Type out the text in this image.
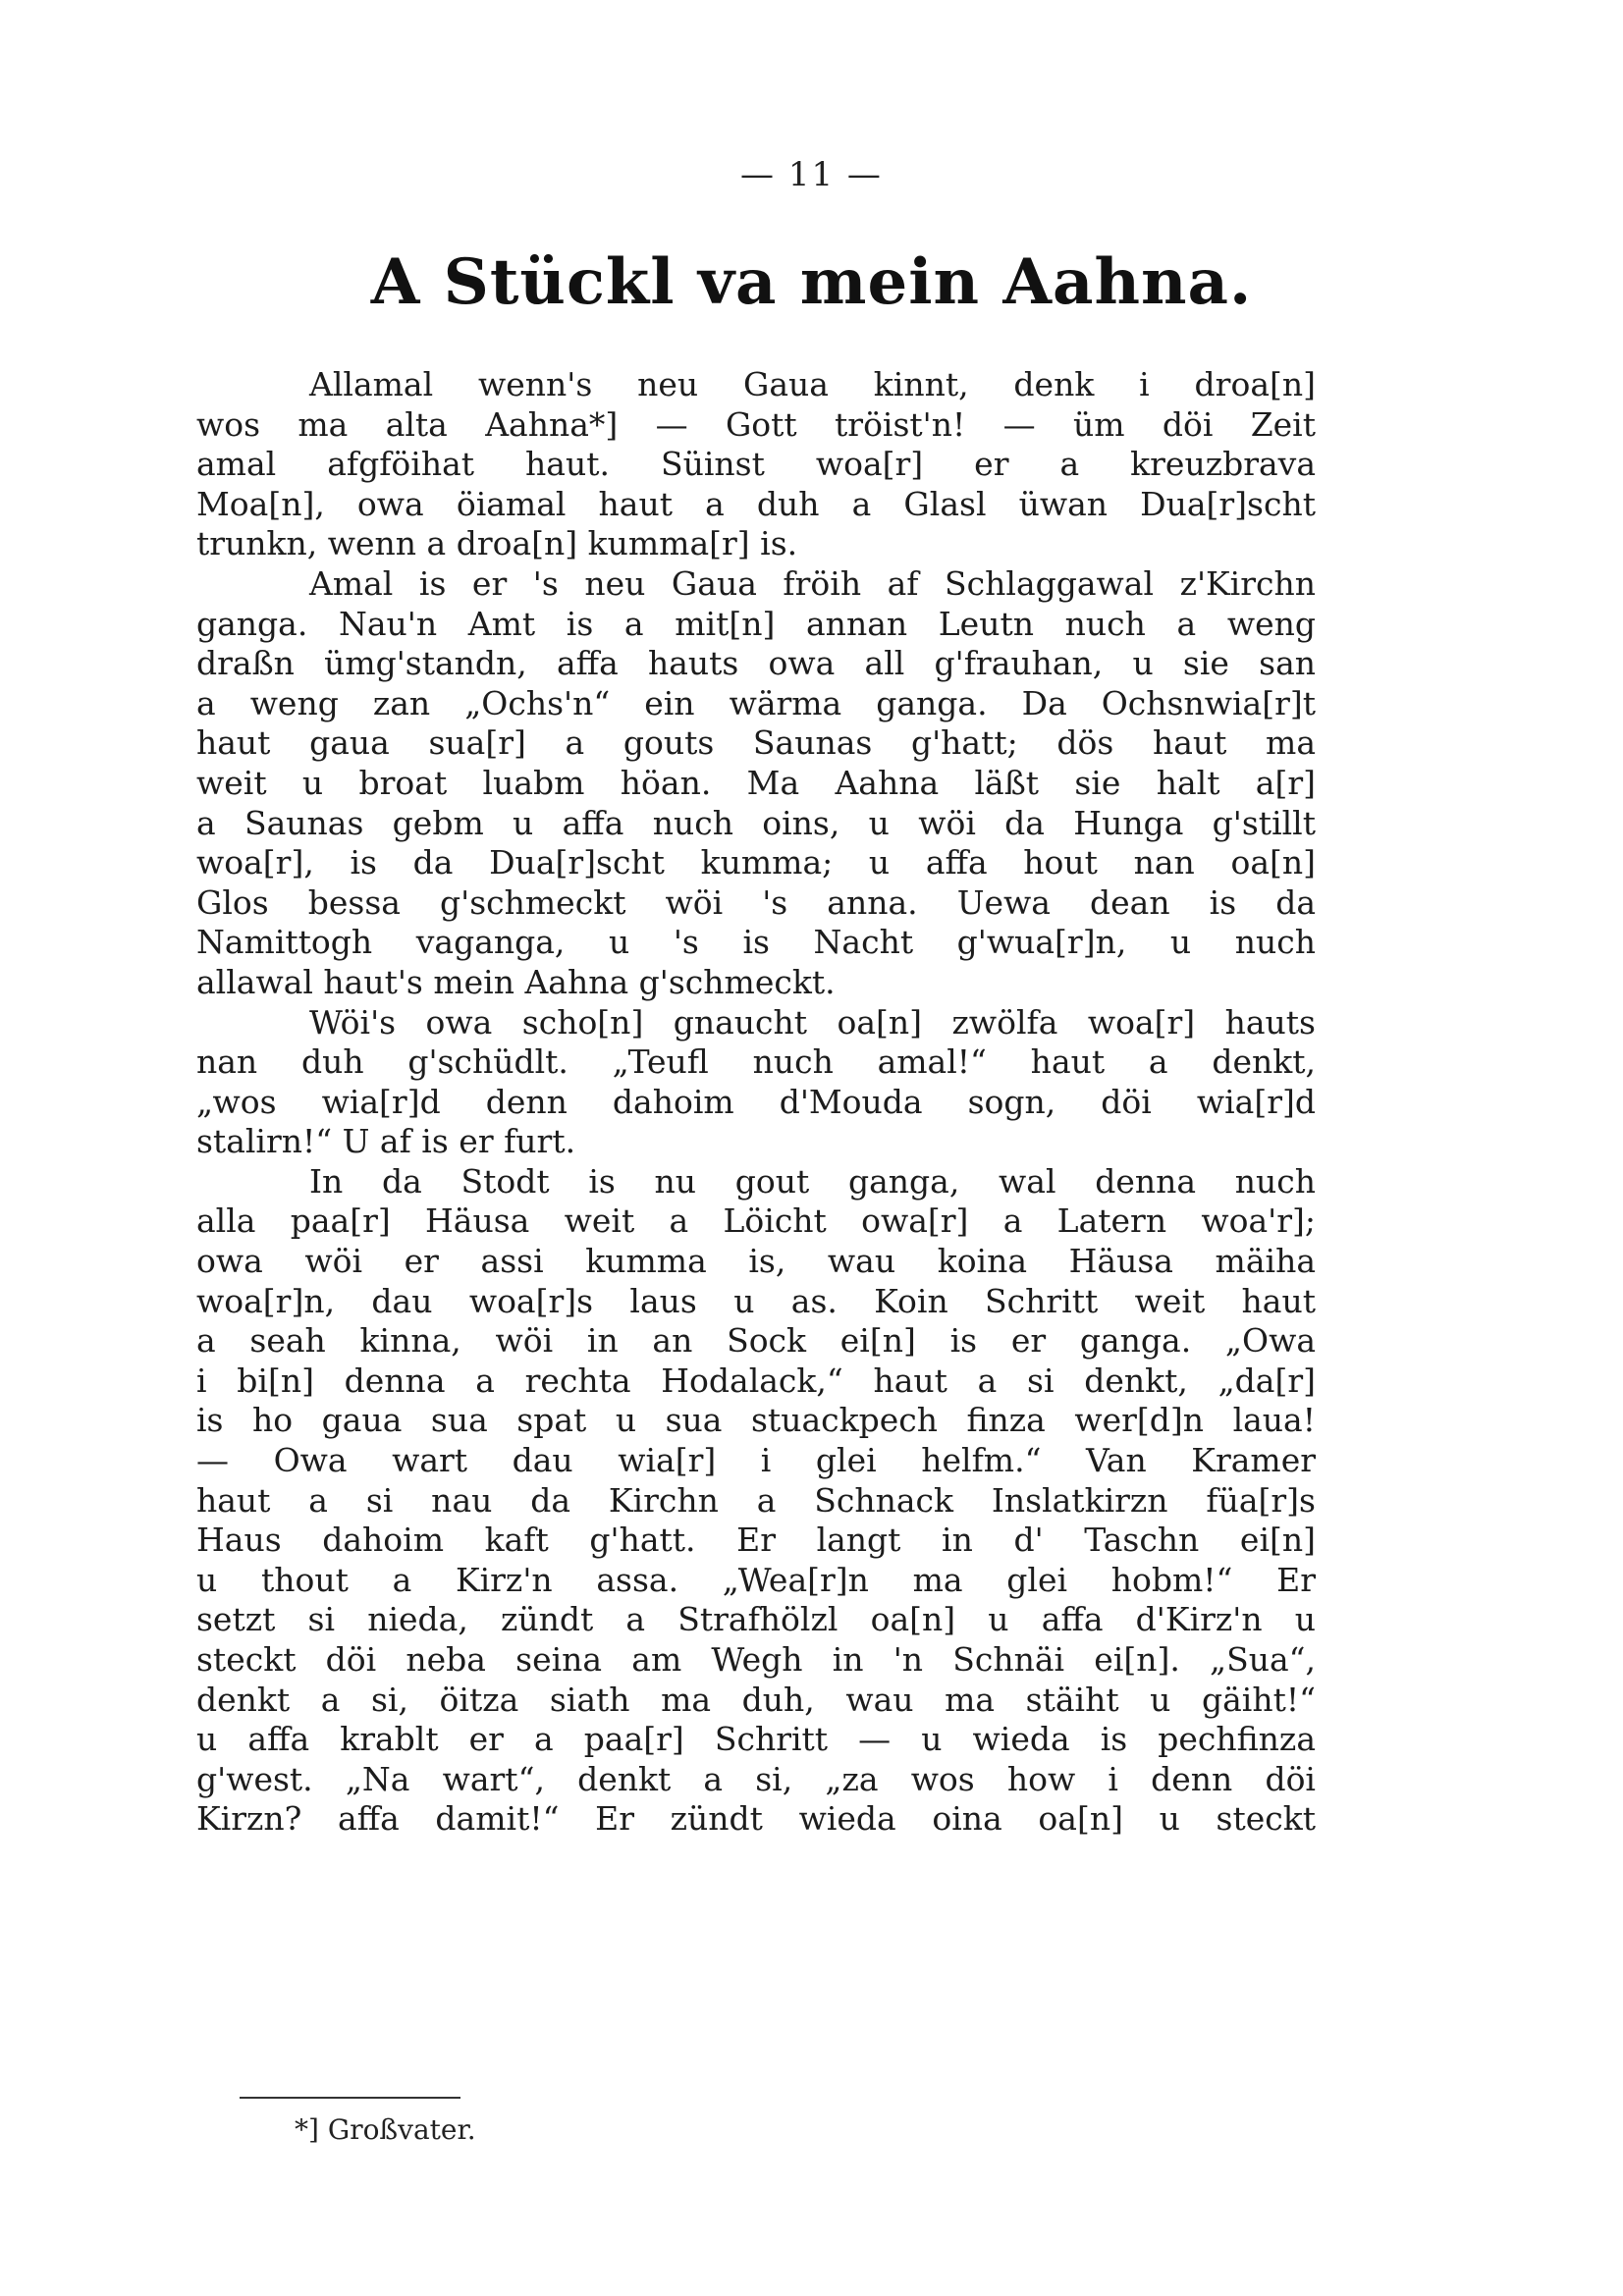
— 11 —
A Stückl va mein Aahna.
Allamal wenn's neu Gaua kinnt, denk i droa[n]
wos ma alta Aahna*] — Gott tröist'n! — üm döi Zeit
amal afgföihat haut. Süinst woa[r] er a kreuzbrava
Moa[n], owa öiamal haut a duh a Glasl üwan Dua[r]scht
trunkn, wenn a droa[n] kumma[r] is.
Amal is er 's neu Gaua fröih af Schlaggawal z'Kirchn
ganga. Nau'n Amt is a mit[n] annan Leutn nuch a weng
draßn ümg'standn, affa hauts owa all g'frauhan, u sie san
a weng zan „Ochs'n“ ein wärma ganga. Da Ochsnwia[r]t
haut gaua sua[r] a gouts Saunas g'hatt; dös haut ma
weit u broat luabm höan. Ma Aahna läßt sie halt a[r]
a Saunas gebm u affa nuch oins, u wöi da Hunga g'stillt
woa[r], is da Dua[r]scht kumma; u affa hout nan oa[n]
Glos bessa g'schmeckt wöi 's anna. Uewa dean is da
Namittogh vaganga, u 's is Nacht g'wua[r]n, u nuch
allawal haut's mein Aahna g'schmeckt.
Wöi's owa scho[n] gnaucht oa[n] zwölfa woa[r] hauts
nan duh g'schüdlt. „Teufl nuch amal!“ haut a denkt,
„wos wia[r]d denn dahoim d'Mouda sogn, döi wia[r]d
stalirn!“ U af is er furt.
In da Stodt is nu gout ganga, wal denna nuch
alla paa[r] Häusa weit a Löicht owa[r] a Latern woa'r];
owa wöi er assi kumma is, wau koina Häusa mäiha
woa[r]n, dau woa[r]s laus u as. Koin Schritt weit haut
a seah kinna, wöi in an Sock ei[n] is er ganga. „Owa
i bi[n] denna a rechta Hodalack,“ haut a si denkt, „da[r]
is ho gaua sua spat u sua stuackpech finza wer[d]n laua!
— Owa wart dau wia[r] i glei helfm.“ Van Kramer
haut a si nau da Kirchn a Schnack Inslatkirzn füa[r]s
Haus dahoim kaft g'hatt. Er langt in d' Taschn ei[n]
u thout a Kirz'n assa. „Wea[r]n ma glei hobm!“ Er
setzt si nieda, zündt a Strafhölzl oa[n] u affa d'Kirz'n u
steckt döi neba seina am Wegh in 'n Schnäi ei[n]. „Sua“,
denkt a si, öitza siath ma duh, wau ma stäiht u gäiht!“
u affa krablt er a paa[r] Schritt — u wieda is pechfinza
g'west. „Na wart“, denkt a si, „za wos how i denn döi
Kirzn? affa damit!“ Er zündt wieda oina oa[n] u steckt
*] Großvater.
